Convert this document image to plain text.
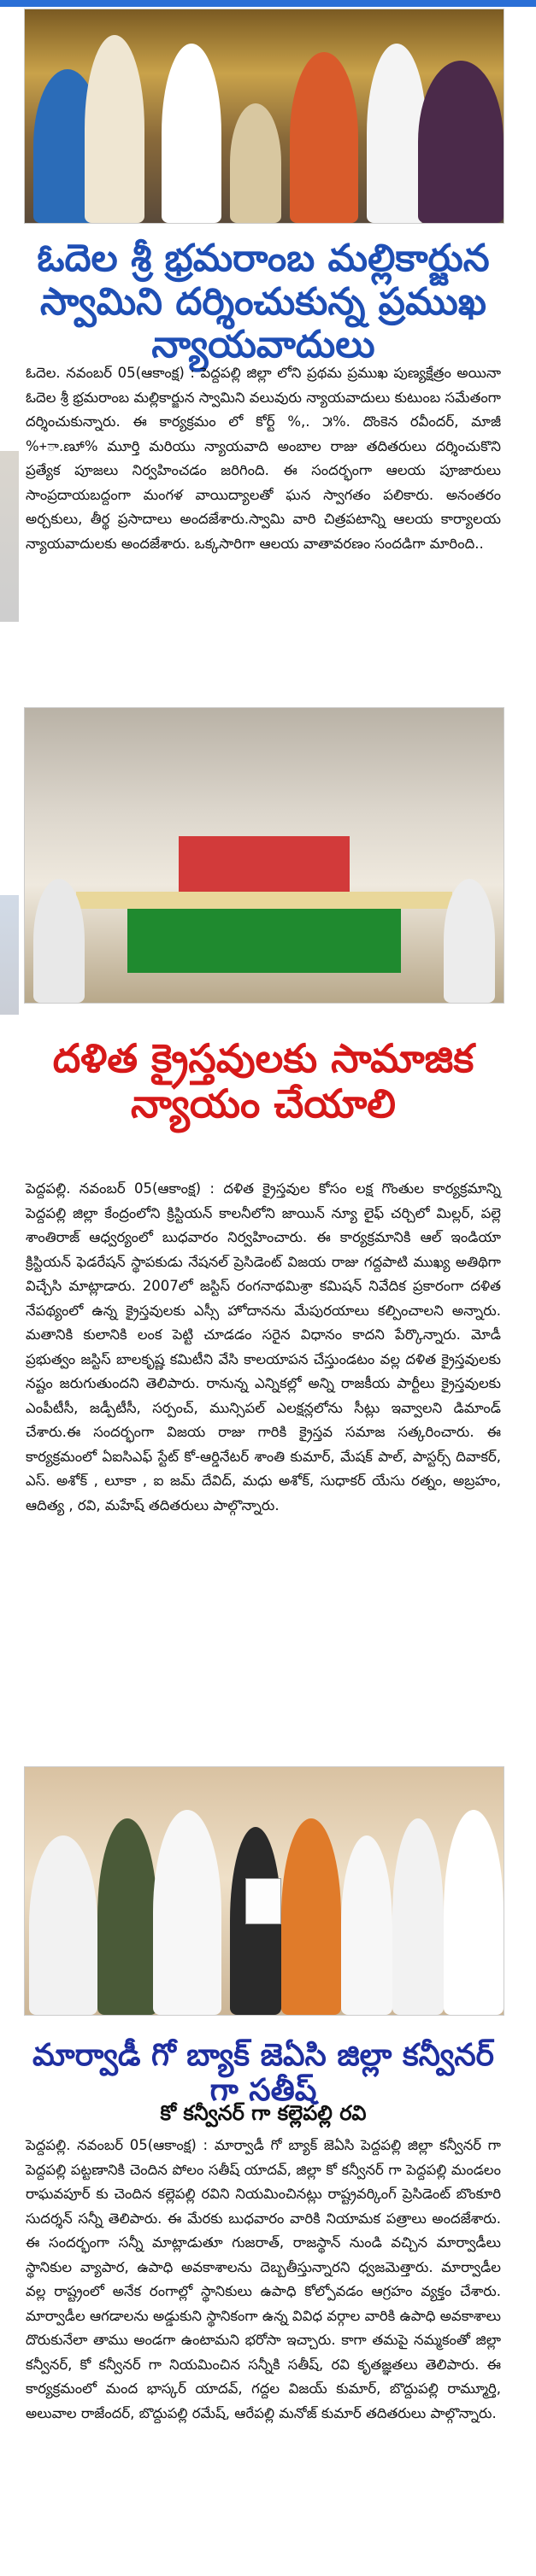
ఓదెల శ్రీ భ్రమరాంబ మల్లికార్జున స్వామిని దర్శించుకున్న ప్రముఖ న్యాయవాదులు
ఓదెల. నవంబర్ 05(ఆకాంక్ష) : పెద్దపల్లి జిల్లా లోని ప్రథమ ప్రముఖ పుణ్యక్షేత్రం అయినా ఓదెల శ్రీ భ్రమరాంబ మల్లికార్జున స్వామిని వలువురు న్యాయవాదులు కుటుంబ సమేతంగా దర్శించుకున్నారు. ఈ కార్యక్రమం లో కోర్ట్ %,. ౫%. దొంకెన రవీందర్, మాజీ %+ా.ణూౕ% మూర్తి మరియు న్యాయవాది అంబాల రాజు తదితరులు దర్శించుకొని ప్రత్యేక పూజలు నిర్వహించడం జరిగింది. ఈ సందర్భంగా ఆలయ పూజారులు సాంప్రదాయబద్దంగా మంగళ వాయిద్యాలతో ఘన స్వాగతం పలికారు. అనంతరం అర్చకులు, తీర్థ ప్రసాదాలు అందజేశారు.స్వామి వారి చిత్రపటాన్ని ఆలయ కార్యాలయ న్యాయవాదులకు అందజేశారు. ఒక్కసారిగా ఆలయ వాతావరణం సందడిగా మారింది..
దళిత క్రైస్తవులకు సామాజిక న్యాయం చేయాలి
పెద్దపల్లి. నవంబర్ 05(ఆకాంక్ష) : దళిత క్రైస్తవుల కోసం లక్ష గొంతుల కార్యక్రమాన్ని పెద్దపల్లి జిల్లా కేంద్రంలోని క్రిస్టియన్ కాలనీలోని జాయిన్ న్యూ లైఫ్ చర్చిలో మిల్లర్, పల్లె శాంతిరాజ్ ఆధ్వర్యంలో బుధవారం నిర్వహించారు. ఈ కార్యక్రమానికి ఆల్ ఇండియా క్రిస్టియన్ ఫెడరేషన్ స్థాపకుడు నేషనల్ ప్రెసిడెంట్ విజయ రాజు గద్దపాటి ముఖ్య అతిథిగా విచ్చేసి మాట్లాడారు. 2007లో జస్టిస్ రంగనాథమిశ్రా కమిషన్ నివేదిక ప్రకారంగా దళిత నేపథ్యంలో ఉన్న క్రైస్తవులకు ఎస్సీ హోదానను మేపురయాలు కల్పించాలని అన్నారు. మతానికి కులానికి లంక పెట్టి చూడడం సరైన విధానం కాదని పేర్కొన్నారు. మోడీ ప్రభుత్వం జస్టిస్ బాలకృష్ణ కమిటీని వేసి కాలయాపన చేస్తుండటం వల్ల దళిత క్రైస్తవులకు నష్టం జరుగుతుందని తెలిపారు. రానున్న ఎన్నికల్లో అన్ని రాజకీయ పార్టీలు క్రైస్తవులకు ఎంపీటీసీ, జడ్పీటీసీ, సర్పంచ్, మున్సిపల్ ఎలక్షన్లలోను సీట్లు ఇవ్వాలని డిమాండ్ చేశారు.ఈ సందర్భంగా విజయ రాజు గారికి క్రైస్తవ సమాజ సత్కరించారు. ఈ కార్యక్రమంలో ఏఐసిఎఫ్ స్టేట్ కో-ఆర్డినేటర్ శాంతి కుమార్, మేషక్ పాల్, పాస్టర్స్ దివాకర్, ఎస్. అశోక్ , లూకా , ఐ జమ్ దేవిద్, మధు అశోక్, సుధాకర్ యేసు రత్నం, అబ్రహం, ఆదిత్య , రవి, మహేష్ తదితరులు పాల్గొన్నారు.
మార్వాడీ గో బ్యాక్ జెఏసి జిల్లా కన్వీనర్ గా సతీష్
కో కన్వీనర్ గా కల్లెపల్లి రవి
పెద్దపల్లి. నవంబర్ 05(ఆకాంక్ష) : మార్వాడీ గో బ్యాక్ జెఏసి పెద్దపల్లి జిల్లా కన్వీనర్ గా పెద్దపల్లి పట్టణానికి చెందిన పోలం సతీష్ యాదవ్, జిల్లా కో కన్వీనర్ గా పెద్దపల్లి మండలం రాఘవపూర్ కు చెందిన కల్లెపల్లి రవిని నియమించినట్లు రాష్ట్రవర్కింగ్ ప్రెసిడెంట్ బొంకూరి సుదర్శన్ సన్నీ తెలిపారు. ఈ మేరకు బుధవారం వారికి నియామక పత్రాలు అందజేశారు. ఈ సందర్భంగా సన్నీ మాట్లాడుతూ గుజరాత్, రాజస్థాన్ నుండి వచ్చిన మార్వాడీలు స్థానికుల వ్యాపార, ఉపాధి అవకాశాలను దెబ్బతీస్తున్నారని ధ్వజమెత్తారు. మార్వాడీల వల్ల రాష్ట్రంలో అనేక రంగాల్లో స్థానికులు ఉపాధి కోల్పోవడం ఆగ్రహం వ్యక్తం చేశారు. మార్వాడీల ఆగడాలను అడ్డుకుని స్థానికంగా ఉన్న వివిధ వర్గాల వారికి ఉపాధి అవకాశాలు దొరుకునేలా తాము అండగా ఉంటామని భరోసా ఇచ్చారు. కాగా తమపై నమ్మకంతో జిల్లా కన్వీనర్, కో కన్వీనర్ గా నియమించిన సన్నీకి సతీష్, రవి కృతజ్ఞతలు తెలిపారు. ఈ కార్యక్రమంలో మంద భాస్కర్ యాదవ్, గద్దల విజయ్ కుమార్, బొద్దుపల్లి రామ్మూర్తి, అలువాల రాజేందర్, బొద్దుపల్లి రమేష్, ఆరేపల్లి మనోజ్ కుమార్ తదితరులు పాల్గొన్నారు.
